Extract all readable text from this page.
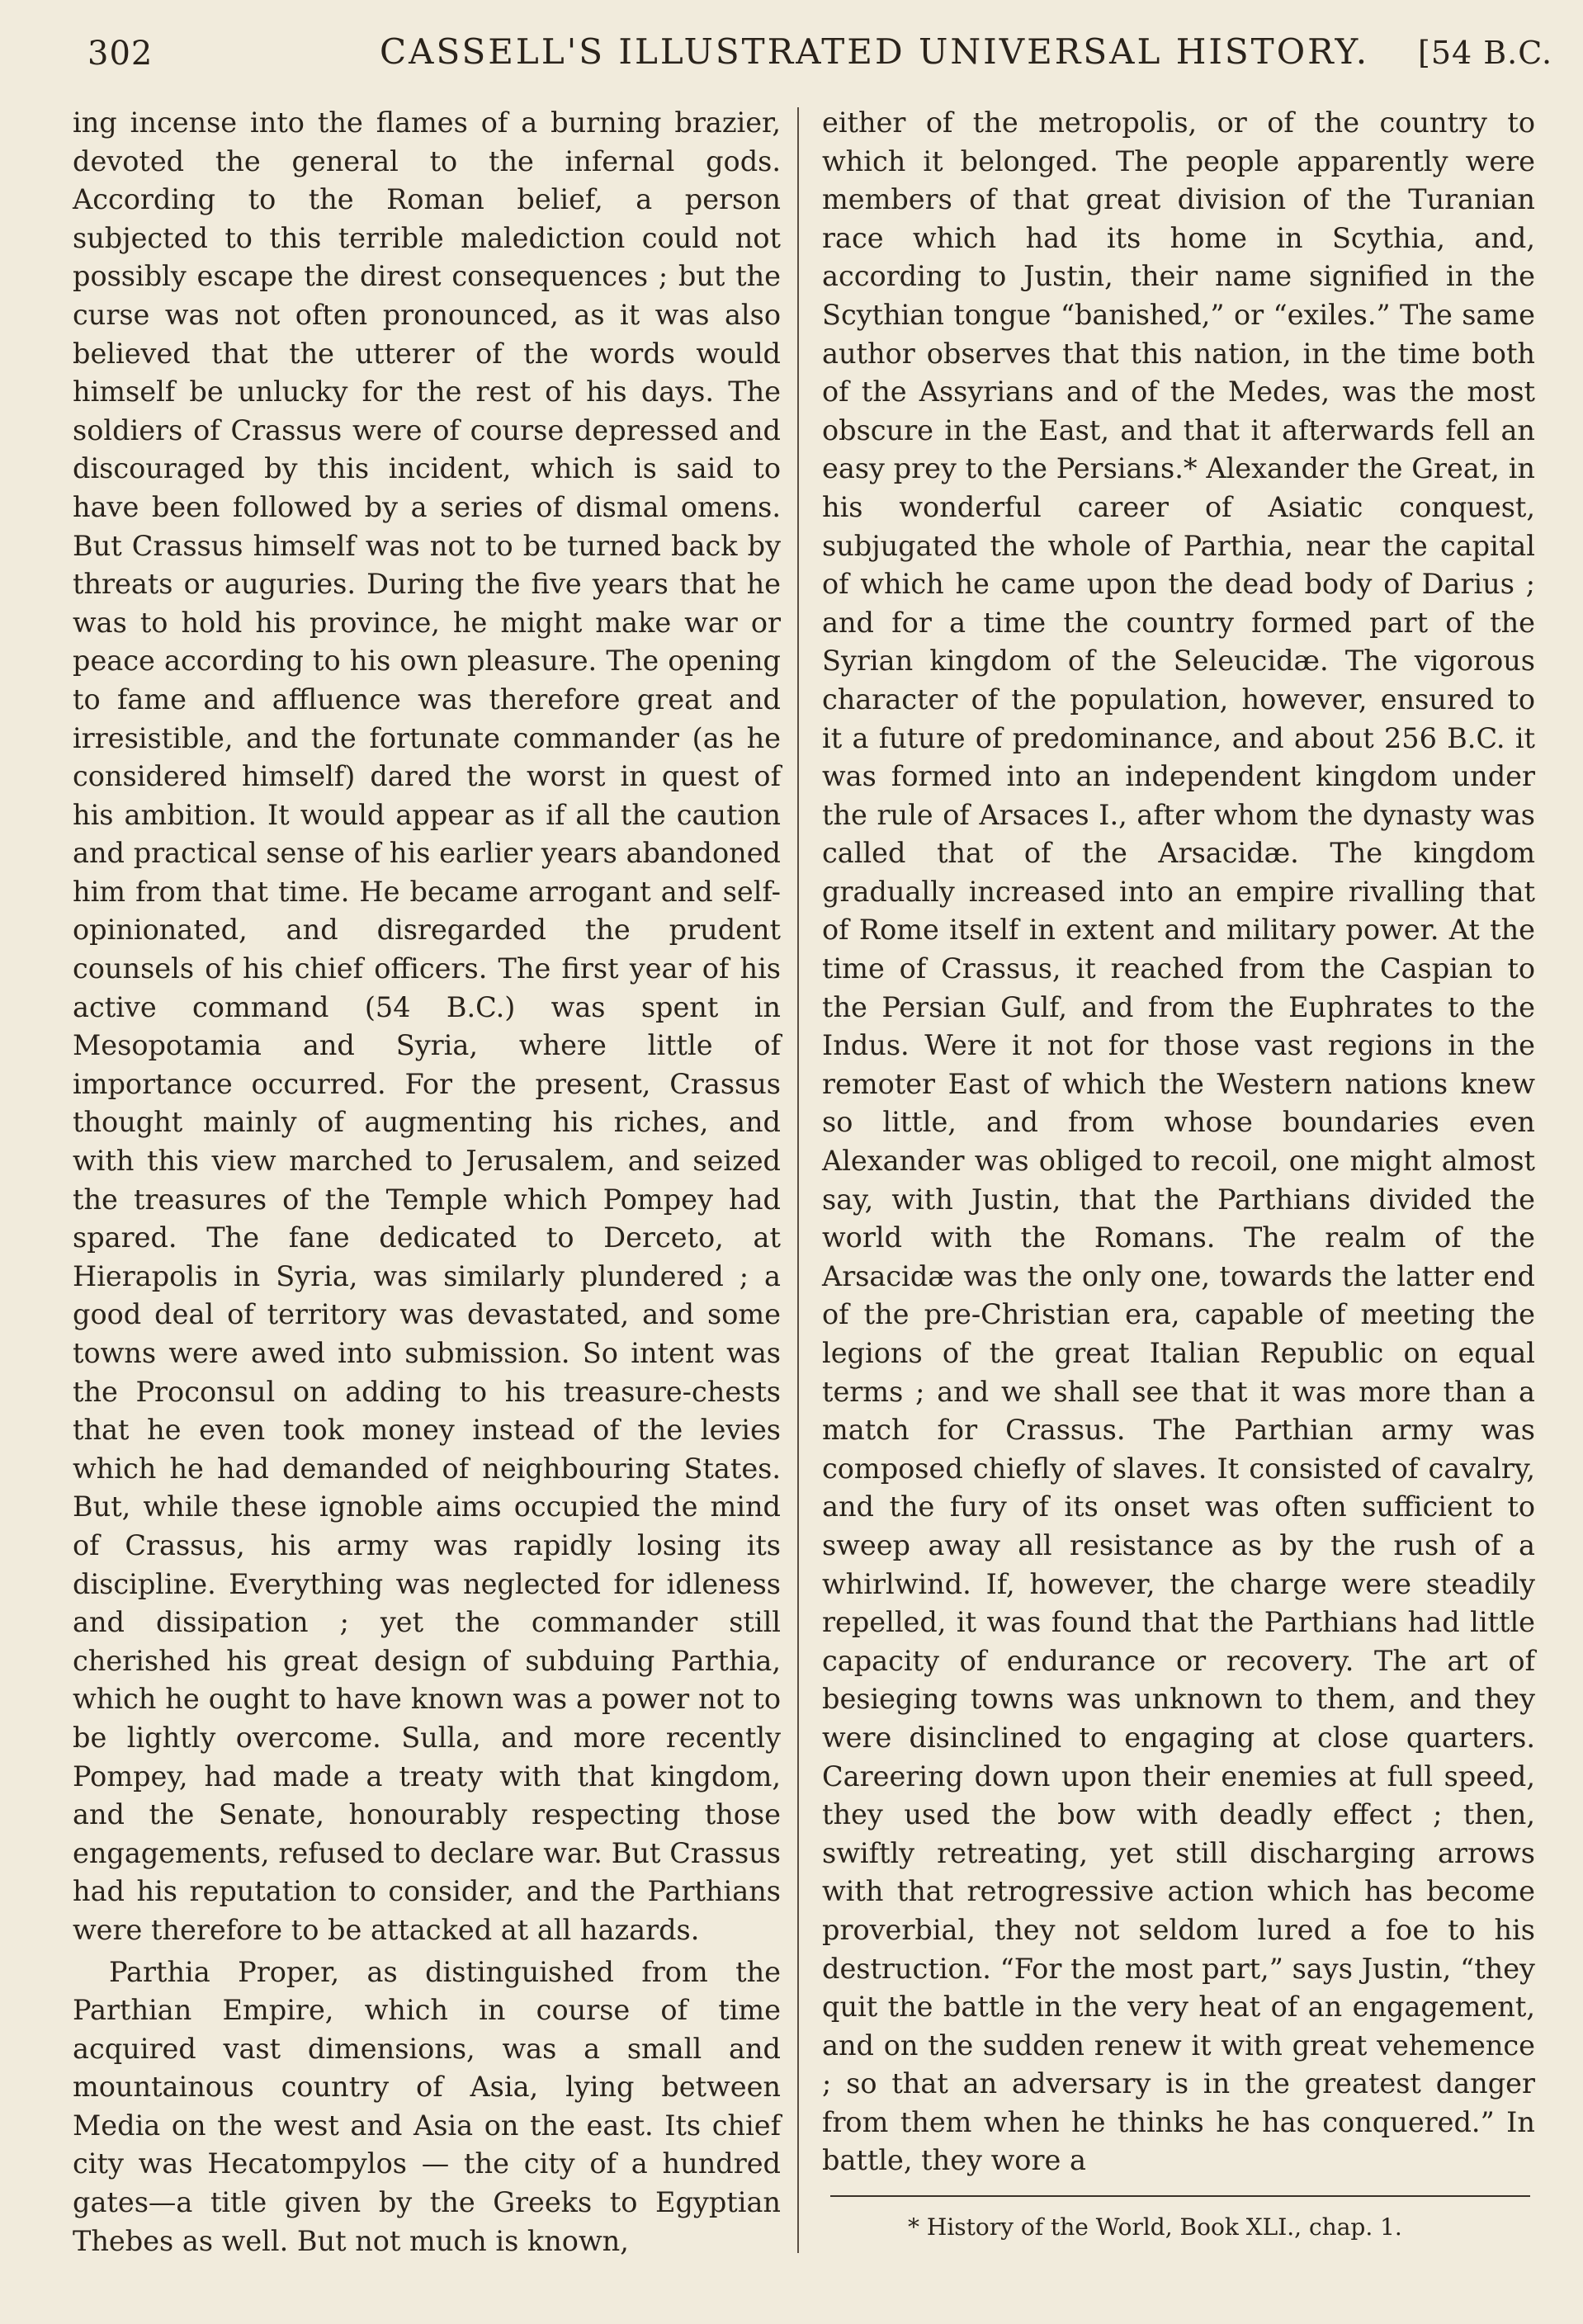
302	CASSELL'S ILLUSTRATED UNIVERSAL HISTORY. [54 B.C.

ing incense into the flames of a burning brazier, devoted the general to the infernal gods. According to the Roman belief, a person subjected to this terrible malediction could not possibly escape the direst consequences ; but the curse was not often pronounced, as it was also believed that the utterer of the words would himself be unlucky for the rest of his days. The soldiers of Crassus were of course depressed and discouraged by this incident, which is said to have been followed by a series of dismal omens. But Crassus himself was not to be turned back by threats or auguries. During the five years that he was to hold his province, he might make war or peace according to his own pleasure. The opening to fame and affluence was therefore great and irresistible, and the fortunate commander (as he considered himself) dared the worst in quest of his ambition. It would appear as if all the caution and practical sense of his earlier years abandoned him from that time. He became arrogant and self-opinionated, and disregarded the prudent counsels of his chief officers. The first year of his active command (54 B.C.) was spent in Mesopotamia and Syria, where little of importance occurred. For the present, Crassus thought mainly of augmenting his riches, and with this view marched to Jerusalem, and seized the treasures of the Temple which Pompey had spared. The fane dedicated to Derceto, at Hierapolis in Syria, was similarly plundered ; a good deal of territory was devastated, and some towns were awed into submission. So intent was the Proconsul on adding to his treasure-chests that he even took money instead of the levies which he had demanded of neighbouring States. But, while these ignoble aims occupied the mind of Crassus, his army was rapidly losing its discipline. Everything was neglected for idleness and dissipation ; yet the commander still cherished his great design of subduing Parthia, which he ought to have known was a power not to be lightly overcome. Sulla, and more recently Pompey, had made a treaty with that kingdom, and the Senate, honourably respecting those engagements, refused to declare war. But Crassus had his reputation to consider, and the Parthians were therefore to be attacked at all hazards.

Parthia Proper, as distinguished from the Parthian Empire, which in course of time acquired vast dimensions, was a small and mountainous country of Asia, lying between Media on the west and Asia on the east. Its chief city was Hecatompylos — the city of a hundred gates—a title given by the Greeks to Egyptian Thebes as well. But not much is known,

either of the metropolis, or of the country to which it belonged. The people apparently were members of that great division of the Turanian race which had its home in Scythia, and, according to Justin, their name signified in the Scythian tongue “banished,” or “exiles.” The same author observes that this nation, in the time both of the Assyrians and of the Medes, was the most obscure in the East, and that it afterwards fell an easy prey to the Persians.* Alexander the Great, in his wonderful career of Asiatic conquest, subjugated the whole of Parthia, near the capital of which he came upon the dead body of Darius ; and for a time the country formed part of the Syrian kingdom of the Seleucidæ. The vigorous character of the population, however, ensured to it a future of predominance, and about 256 B.C. it was formed into an independent kingdom under the rule of Arsaces I., after whom the dynasty was called that of the Arsacidæ. The kingdom gradually increased into an empire rivalling that of Rome itself in extent and military power. At the time of Crassus, it reached from the Caspian to the Persian Gulf, and from the Euphrates to the Indus. Were it not for those vast regions in the remoter East of which the Western nations knew so little, and from whose boundaries even Alexander was obliged to recoil, one might almost say, with Justin, that the Parthians divided the world with the Romans. The realm of the Arsacidæ was the only one, towards the latter end of the pre-Christian era, capable of meeting the legions of the great Italian Republic on equal terms ; and we shall see that it was more than a match for Crassus. The Parthian army was composed chiefly of slaves. It consisted of cavalry, and the fury of its onset was often sufficient to sweep away all resistance as by the rush of a whirlwind. If, however, the charge were steadily repelled, it was found that the Parthians had little capacity of endurance or recovery. The art of besieging towns was unknown to them, and they were disinclined to engaging at close quarters. Careering down upon their enemies at full speed, they used the bow with deadly effect ; then, swiftly retreating, yet still discharging arrows with that retrogressive action which has become proverbial, they not seldom lured a foe to his destruction. “For the most part,” says Justin, “they quit the battle in the very heat of an engagement, and on the sudden renew it with great vehemence ; so that an adversary is in the greatest danger from them when he thinks he has conquered.” In battle, they wore a

* History of the World, Book XLI., chap. 1.
